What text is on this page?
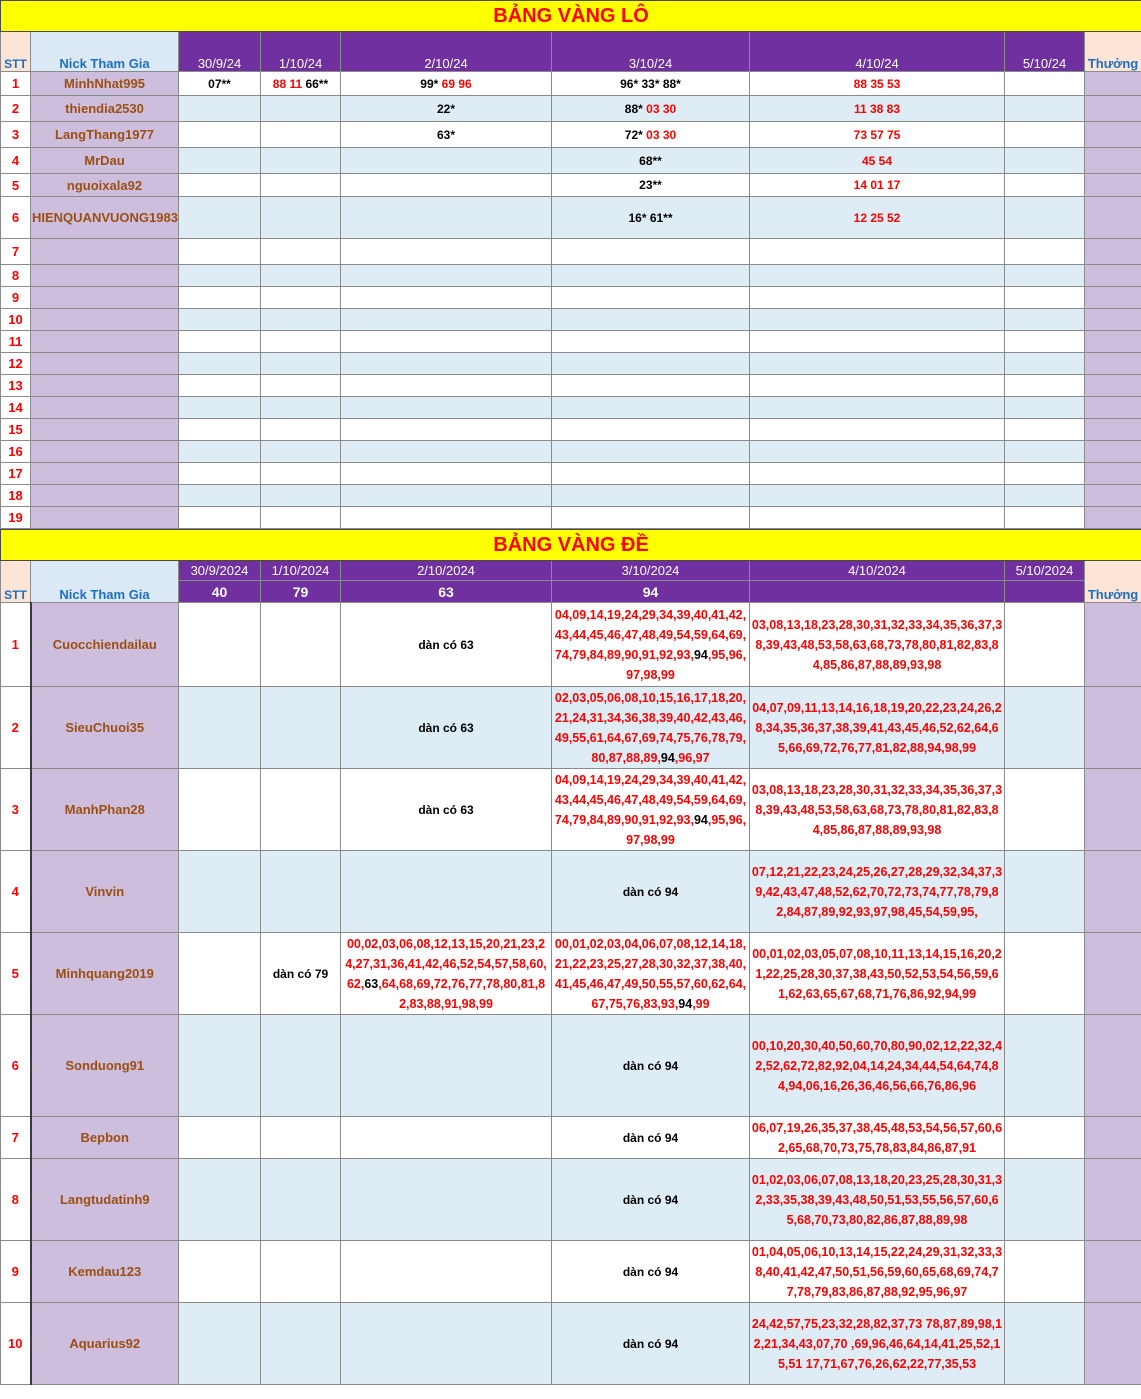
BẢNG VÀNG LÔ								
STT	Nick Tham Gia	30/9/24	1/10/24	2/10/24	3/10/24	4/10/24	5/10/24	Thưởng
1	MinhNhat995	07**	88 11 66**	99* 69 96	96* 33* 88*	88 35 53		
2	thiendia2530			22*	88* 03 30	11 38 83		
3	LangThang1977			63*	72* 03 30	73 57 75		
4	MrDau				68**	45 54		
5	nguoixala92				23**	14 01 17		
6	HIENQUANVUONG1983				16* 61**	12 25 52		
7								
8								
9								
10								
11								
12								
13								
14								
15								
16								
17								
18								
19								
BẢNG VÀNG ĐỀ								
STT	Nick Tham Gia	30/9/2024	1/10/2024	2/10/2024	3/10/2024	4/10/2024	5/10/2024	Thưởng
		40	79	63	94			
1	Cuocchiendailau			dàn có 63	04,09,14,19,24,29,34,39,40,41,42,43,44,45,46,47,48,49,54,59,64,69,74,79,84,89,90,91,92,93,94,95,96,97,98,99	03,08,13,18,23,28,30,31,32,33,34,35,36,37,38,39,43,48,53,58,63,68,73,78,80,81,82,83,84,85,86,87,88,89,93,98		
2	SieuChuoi35			dàn có 63	02,03,05,06,08,10,15,16,17,18,20,21,24,31,34,36,38,39,40,42,43,46,49,55,61,64,67,69,74,75,76,78,79,80,87,88,89,94,96,97	04,07,09,11,13,14,16,18,19,20,22,23,24,26,28,34,35,36,37,38,39,41,43,45,46,52,62,64,65,66,69,72,76,77,81,82,88,94,98,99		
3	ManhPhan28			dàn có 63	04,09,14,19,24,29,34,39,40,41,42,43,44,45,46,47,48,49,54,59,64,69,74,79,84,89,90,91,92,93,94,95,96,97,98,99	03,08,13,18,23,28,30,31,32,33,34,35,36,37,38,39,43,48,53,58,63,68,73,78,80,81,82,83,84,85,86,87,88,89,93,98		
4	Vinvin				dàn có 94	07,12,21,22,23,24,25,26,27,28,29,32,34,37,39,42,43,47,48,52,62,70,72,73,74,77,78,79,82,84,87,89,92,93,97,98,45,54,59,95,		
5	Minhquang2019		dàn có 79	00,02,03,06,08,12,13,15,20,21,23,24,27,31,36,41,42,46,52,54,57,58,60,62,63,64,68,69,72,76,77,78,80,81,82,83,88,91,98,99	00,01,02,03,04,06,07,08,12,14,18,21,22,23,25,27,28,30,32,37,38,40,41,45,46,47,49,50,55,57,60,62,64,67,75,76,83,93,94,99	00,01,02,03,05,07,08,10,11,13,14,15,16,20,21,22,25,28,30,37,38,43,50,52,53,54,56,59,61,62,63,65,67,68,71,76,86,92,94,99		
6	Sonduong91				dàn có 94	00,10,20,30,40,50,60,70,80,90,02,12,22,32,42,52,62,72,82,92,04,14,24,34,44,54,64,74,84,94,06,16,26,36,46,56,66,76,86,96		
7	Bepbon				dàn có 94	06,07,19,26,35,37,38,45,48,53,54,56,57,60,62,65,68,70,73,75,78,83,84,86,87,91		
8	Langtudatinh9				dàn có 94	01,02,03,06,07,08,13,18,20,23,25,28,30,31,32,33,35,38,39,43,48,50,51,53,55,56,57,60,65,68,70,73,80,82,86,87,88,89,98		
9	Kemdau123				dàn có 94	01,04,05,06,10,13,14,15,22,24,29,31,32,33,38,40,41,42,47,50,51,56,59,60,65,68,69,74,77,78,79,83,86,87,88,92,95,96,97		
10	Aquarius92				dàn có 94	24,42,57,75,23,32,28,82,37,73 78,87,89,98,12,21,34,43,07,70 ,69,96,46,64,14,41,25,52,15,51 17,71,67,76,26,62,22,77,35,53		
